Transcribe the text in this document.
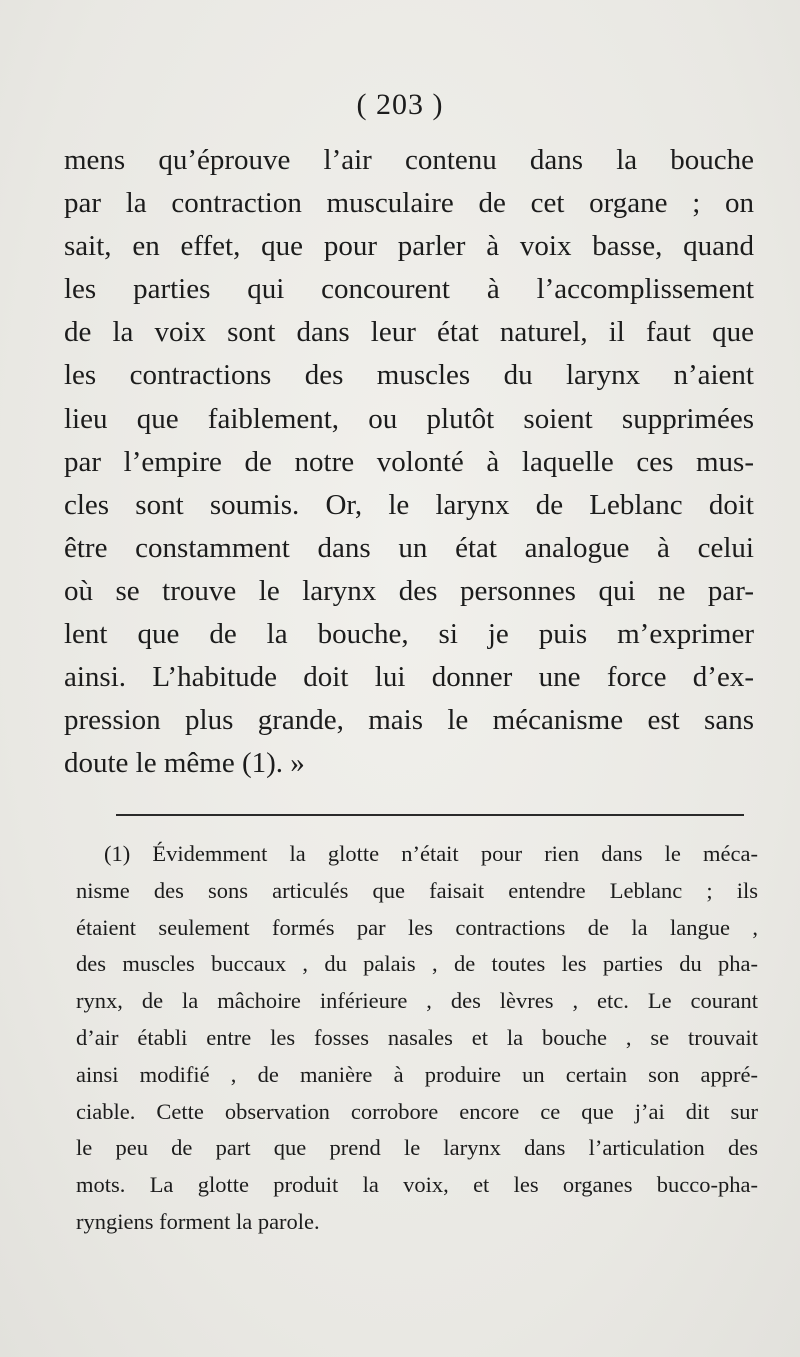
( 203 )
mens qu’éprouve l’air contenu dans la bouche
par la contraction musculaire de cet organe ; on
sait, en effet, que pour parler à voix basse, quand
les parties qui concourent à l’accomplissement
de la voix sont dans leur état naturel, il faut que
les contractions des muscles du larynx n’aient
lieu que faiblement, ou plutôt soient supprimées
par l’empire de notre volonté à laquelle ces mus-
cles sont soumis. Or, le larynx de Leblanc doit
être constamment dans un état analogue à celui
où se trouve le larynx des personnes qui ne par-
lent que de la bouche, si je puis m’exprimer
ainsi. L’habitude doit lui donner une force d’ex-
pression plus grande, mais le mécanisme est sans
doute le même (1). »
(1) Évidemment la glotte n’était pour rien dans le méca-
nisme des sons articulés que faisait entendre Leblanc ; ils
étaient seulement formés par les contractions de la langue ,
des muscles buccaux , du palais , de toutes les parties du pha-
rynx, de la mâchoire inférieure , des lèvres , etc. Le courant
d’air établi entre les fosses nasales et la bouche , se trouvait
ainsi modifié , de manière à produire un certain son appré-
ciable. Cette observation corrobore encore ce que j’ai dit sur
le peu de part que prend le larynx dans l’articulation des
mots. La glotte produit la voix, et les organes bucco-pha-
ryngiens forment la parole.
